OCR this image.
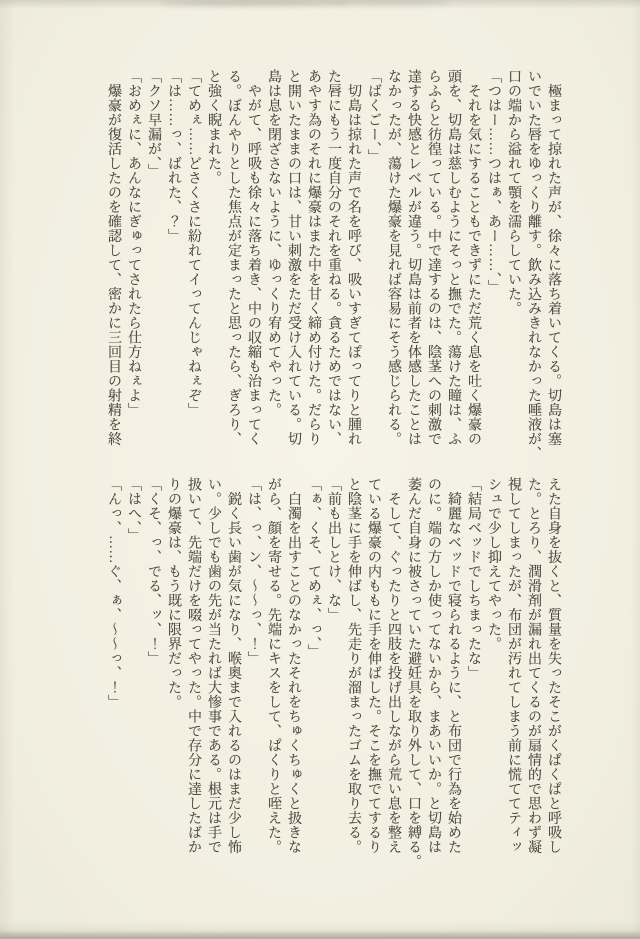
　極まって掠れた声が、徐々に落ち着いてくる。切島は塞

いでいた唇をゆっくり離す。飲み込みきれなかった唾液が、

口の端から溢れて顎を濡らしていた。

「つはー……つはぁ、あー……、」

　それを気にすることもできずにただ荒く息を吐く爆豪の

頭を、切島は慈しむようにそっと撫でた。蕩けた瞳は、ふ

らふらと彷徨っている。中で達するのは、陰茎への刺激で

達する快感とレベルが違う。切島は前者を体感したことは

なかったが、蕩けた爆豪を見れば容易にそう感じられる。

「ばくごー、」

　切島は掠れた声で名を呼び、吸いすぎてぽってりと腫れ

た唇にもう一度自分のそれを重ねる。貪るためではない、

あやす為のそれに爆豪はまた中を甘く締め付けた。だらり

と開いたままの口は、甘い刺激をただ受け入れている。切

島は息を閉ざさないように、ゆっくり宥めてやった。

　やがて、呼吸も徐々に落ち着き、中の収縮も治まってく

る。ぼんやりとした焦点が定まったと思ったら、ぎろり、

と強く睨まれた。

「てめぇ……どさくさに紛れてイってんじゃねぇぞ」

「は……っ、ばれた、？」

「クソ早漏が、」

「おめぇに、あんなにぎゅってされたら仕方ねぇよ」

　爆豪が復活したのを確認して、密かに三回目の射精を終

えた自身を抜くと、質量を失ったそこがくぱくぱと呼吸し

た。とろり、潤滑剤が漏れ出てくるのが扇情的で思わず凝

視してしまったが、布団が汚れてしまう前に慌ててティッ

シュで少し抑えてやった。

「結局ベッドでしちまったな」

　綺麗なベッドで寝られるように、と布団で行為を始めた

のに。端の方しか使ってないから、まあいいか。と切島は

萎んだ自身に被さっていた避妊具を取り外して、口を縛る。

　そして、ぐったりと四肢を投げ出しながら荒い息を整え

ている爆豪の内ももに手を伸ばした。そこを撫でてするり

と陰茎に手を伸ばし、先走りが溜まったゴムを取り去る。

「前も出しとけ、な」

「ぁ、くそ、てめぇ、っ、」

　白濁を出すことのなかったそれをちゅくちゅくと扱きな

がら、顔を寄せる。先端にキスをして、ぱくりと咥えた。

「は、っ、ン、～～っ、！」

　鋭く長い歯が気になり、喉奥まで入れるのはまだ少し怖

い。少しでも歯の先が当たれば大惨事である。根元は手で

扱いて、先端だけを啜ってやった。中で存分に達したばか

りの爆豪は、もう既に限界だった。

「くそ、っ、でる、ッ、！」

「はへ、」

「んっ、……ぐ、ぁ、～～っ、！」
